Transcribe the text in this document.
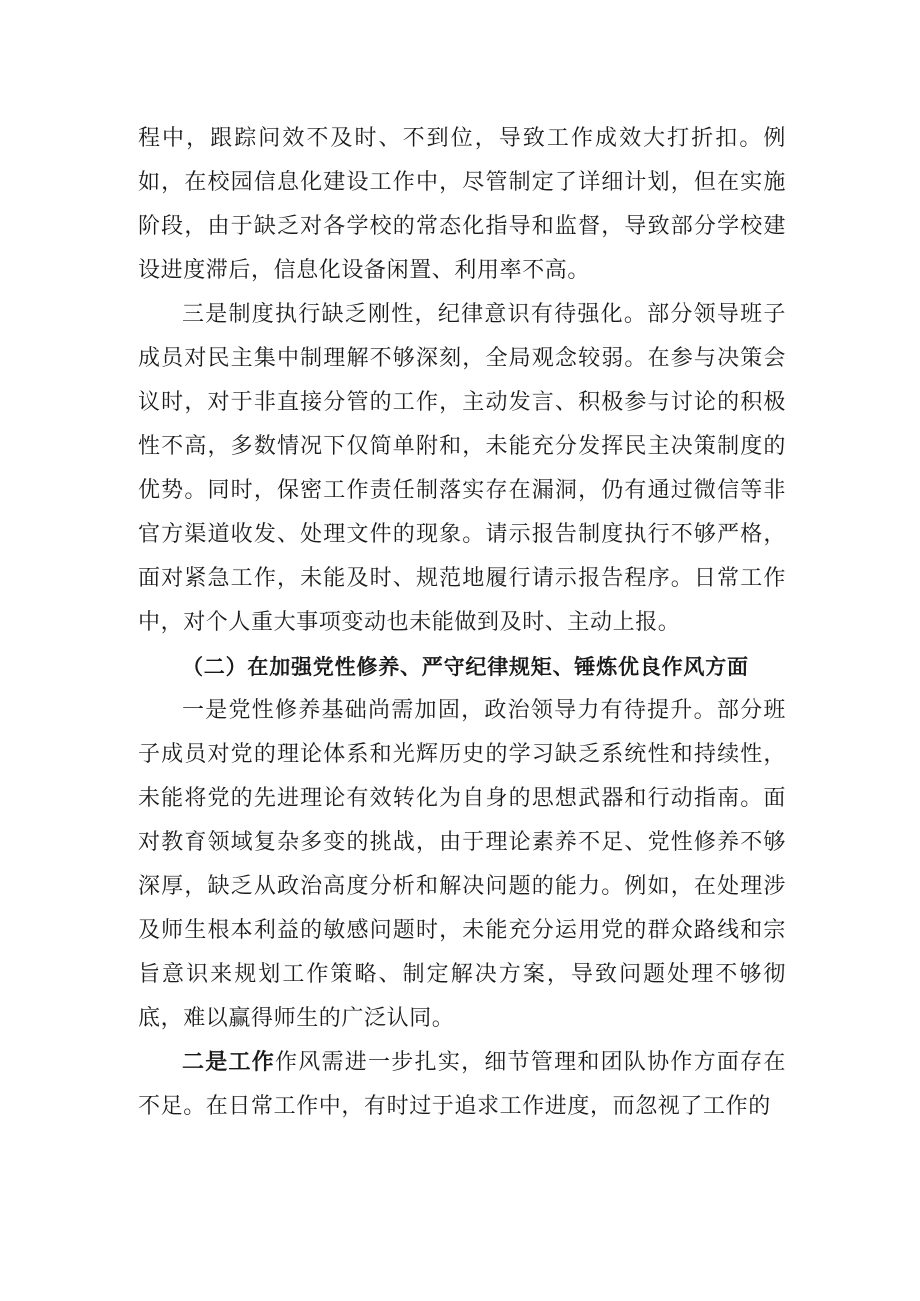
程中，跟踪问效不及时、不到位，导致工作成效大打折扣。例如，在校园信息化建设工作中，尽管制定了详细计划，但在实施阶段，由于缺乏对各学校的常态化指导和监督，导致部分学校建设进度滞后，信息化设备闲置、利用率不高。

三是制度执行缺乏刚性，纪律意识有待强化。部分领导班子成员对民主集中制理解不够深刻，全局观念较弱。在参与决策会议时，对于非直接分管的工作，主动发言、积极参与讨论的积极性不高，多数情况下仅简单附和，未能充分发挥民主决策制度的优势。同时，保密工作责任制落实存在漏洞，仍有通过微信等非官方渠道收发、处理文件的现象。请示报告制度执行不够严格，面对紧急工作，未能及时、规范地履行请示报告程序。日常工作中，对个人重大事项变动也未能做到及时、主动上报。

（二）在加强党性修养、严守纪律规矩、锤炼优良作风方面

一是党性修养基础尚需加固，政治领导力有待提升。部分班子成员对党的理论体系和光辉历史的学习缺乏系统性和持续性，未能将党的先进理论有效转化为自身的思想武器和行动指南。面对教育领域复杂多变的挑战，由于理论素养不足、党性修养不够深厚，缺乏从政治高度分析和解决问题的能力。例如，在处理涉及师生根本利益的敏感问题时，未能充分运用党的群众路线和宗旨意识来规划工作策略、制定解决方案，导致问题处理不够彻底，难以赢得师生的广泛认同。

二是工作作风需进一步扎实，细节管理和团队协作方面存在不足。在日常工作中，有时过于追求工作进度，而忽视了工作的
